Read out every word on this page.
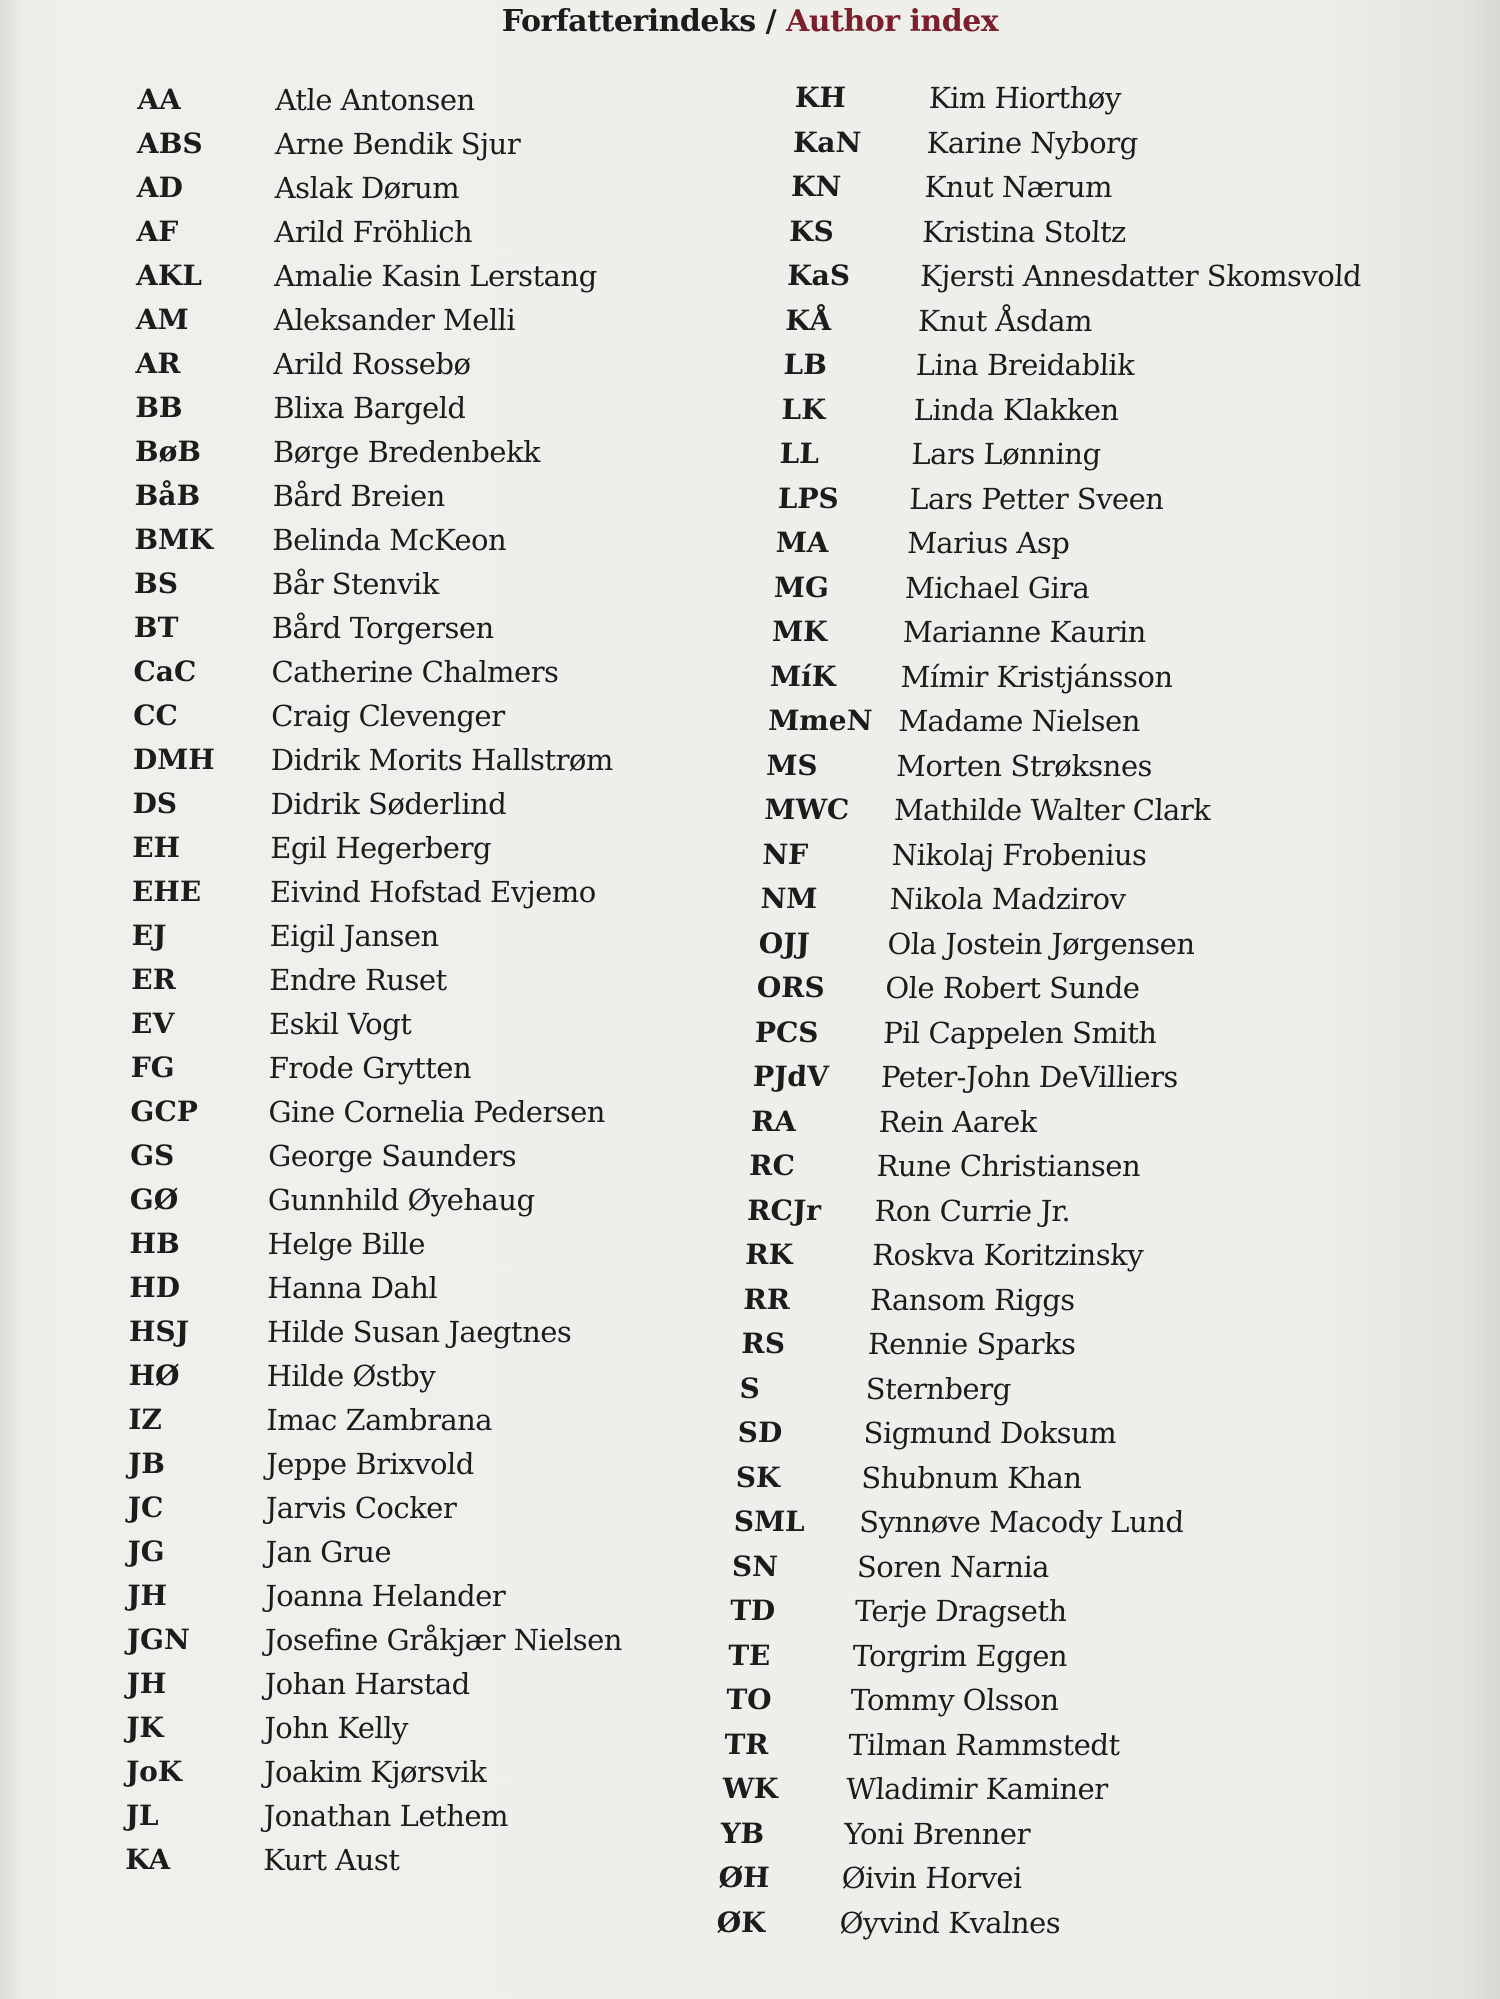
Forfatterindeks / Author index
AA	Atle Antonsen
ABS Arne Bendik Sjur
AD	Aslak Dørum
AF	Arild Fröhlich
AKL Amalie Kasin Lerstang
AM	Aleksander Melli
AR	Arild Rossebø
BB	Blixa Bargeld
BøB Børge Bredenbekk
BåB Bård Breien
BMK Belinda McKeon
BS	Bår Stenvik
BT	Bård Torgersen
CaC	Catherine Chalmers
CC	Craig Clevenger
DMH Didrik Morits Hallstrøm
DS	Didrik Søderlind
EH	Egil Hegerberg
EHE Eivind Hofstad Evjemo
EJ	Eigil Jansen
ER	Endre Ruset
EV	Eskil Vogt
FG	Frode Grytten
GCP Gine Cornelia Pedersen
GS	George Saunders
GØ	Gunnhild Øyehaug
HB	Helge Bille
HD	Hanna Dahl
HSJ	Hilde Susan Jaegtnes
HØ	Hilde Østby
IZ	Imac Zambrana
JB	Jeppe Brixvold
JC	Jarvis Cocker
JG	Jan Grue
JH	Joanna Helander
JGN	Josefine Gråkjær Nielsen
JH	Johan Harstad
JK	John Kelly
JoK	Joakim Kjørsvik
JL	Jonathan Lethem
KA	Kurt Aust
KH	Kim Hiorthøy
KaN Karine Nyborg
KN	Knut Nærum
KS	Kristina Stoltz
KaS Kjersti Annesdatter Skomsvold
KÅ	Knut Åsdam
LB	Lina Breidablik
LK	Linda Klakken
LL	Lars Lønning
LPS Lars Petter Sveen
MA	Marius Asp
MG	Michael Gira
MK	Marianne Kaurin
MíK Mímir Kristjánsson
MmeN Madame Nielsen
MS	Morten Strøksnes
MWC Mathilde Walter Clark
NF	Nikolaj Frobenius
NM Nikola Madzirov
OJJ	Ola Jostein Jørgensen
ORS Ole Robert Sunde
PCS Pil Cappelen Smith
PJdV Peter-John DeVilliers
RA	Rein Aarek
RC	Rune Christiansen
RCJr Ron Currie Jr.
RK	Roskva Koritzinsky
RR	Ransom Riggs
RS	Rennie Sparks
S	Sternberg
SD	Sigmund Doksum
SK	Shubnum Khan
SML Synnøve Macody Lund
SN	Soren Narnia
TD	Terje Dragseth
TE	Torgrim Eggen
TO	Tommy Olsson
TR	Tilman Rammstedt
WK Wladimir Kaminer
YB	Yoni Brenner
ØH Øivin Horvei
ØK	Øyvind Kvalnes
